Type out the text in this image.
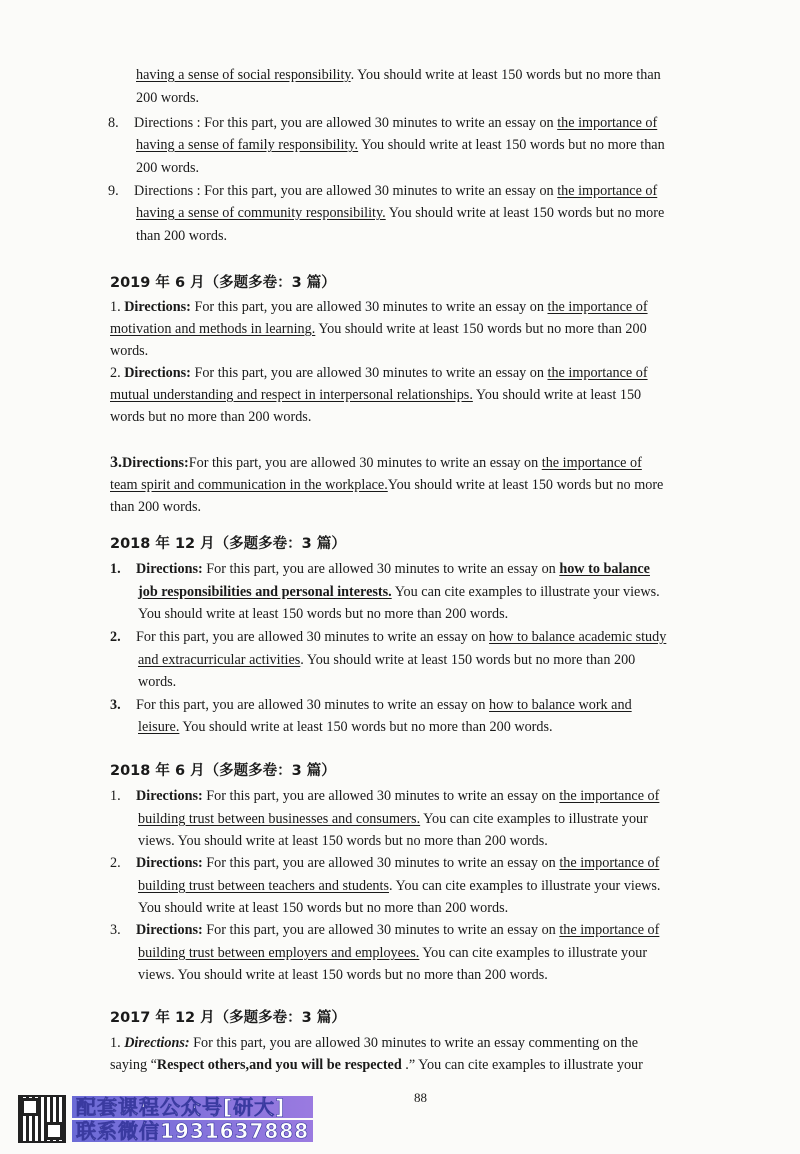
having a sense of social responsibility. You should write at least 150 words but no more than
200 words.
8. Directions : For this part, you are allowed 30 minutes to write an essay on the importance of
having a sense of family responsibility. You should write at least 150 words but no more than
200 words.
9. Directions : For this part, you are allowed 30 minutes to write an essay on the importance of
having a sense of community responsibility. You should write at least 150 words but no more
than 200 words.
2019 年 6 月（多题多卷：3 篇）
1. Directions: For this part, you are allowed 30 minutes to write an essay on the importance of
motivation and methods in learning. You should write at least 150 words but no more than 200
words.
2. Directions: For this part, you are allowed 30 minutes to write an essay on the importance of
mutual understanding and respect in interpersonal relationships. You should write at least 150
words but no more than 200 words.
3.Directions:For this part, you are allowed 30 minutes to write an essay on the importance of
team spirit and communication in the workplace.You should write at least 150 words but no more
than 200 words.
2018 年 12 月（多题多卷：3 篇）
1. Directions: For this part, you are allowed 30 minutes to write an essay on how to balance
job responsibilities and personal interests. You can cite examples to illustrate your views.
You should write at least 150 words but no more than 200 words.
2. For this part, you are allowed 30 minutes to write an essay on how to balance academic study
and extracurricular activities. You should write at least 150 words but no more than 200
words.
3. For this part, you are allowed 30 minutes to write an essay on how to balance work and
leisure. You should write at least 150 words but no more than 200 words.
2018 年 6 月（多题多卷：3 篇）
1. Directions: For this part, you are allowed 30 minutes to write an essay on the importance of
building trust between businesses and consumers. You can cite examples to illustrate your
views. You should write at least 150 words but no more than 200 words.
2. Directions: For this part, you are allowed 30 minutes to write an essay on the importance of
building trust between teachers and students. You can cite examples to illustrate your views.
You should write at least 150 words but no more than 200 words.
3. Directions: For this part, you are allowed 30 minutes to write an essay on the importance of
building trust between employers and employees. You can cite examples to illustrate your
views. You should write at least 150 words but no more than 200 words.
2017 年 12 月（多题多卷：3 篇）
1. Directions: For this part, you are allowed 30 minutes to write an essay commenting on the
saying “Respect others,and you will be respected .” You can cite examples to illustrate your
88
配套课程公众号[研大]
联系微信1931637888
